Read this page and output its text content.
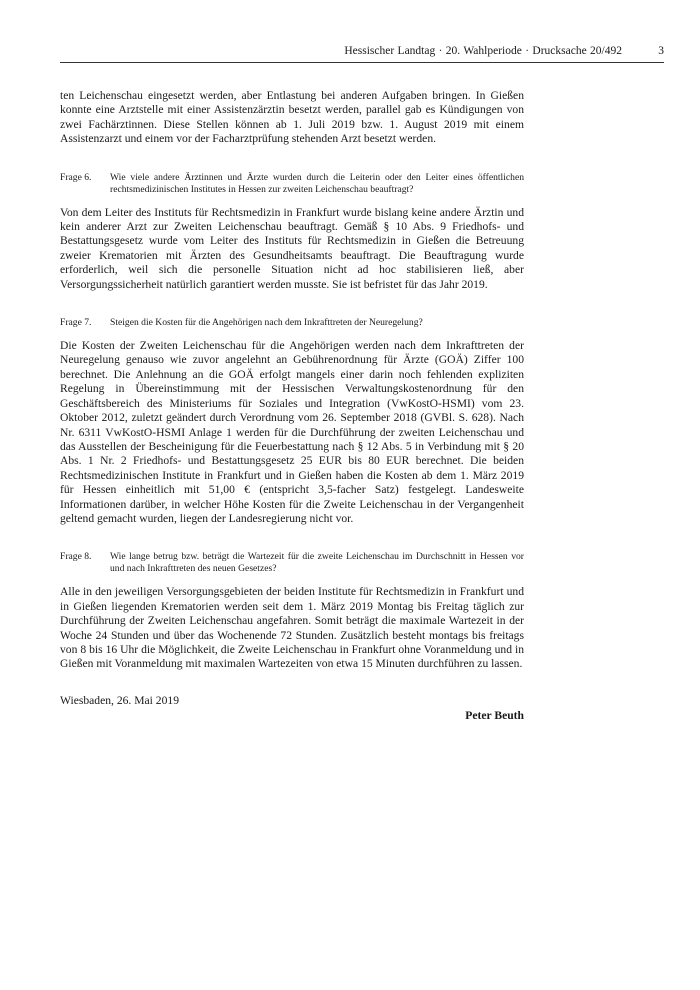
Hessischer Landtag · 20. Wahlperiode · Drucksache 20/492	3

ten Leichenschau eingesetzt werden, aber Entlastung bei anderen Aufgaben bringen. In Gießen konnte eine Arztstelle mit einer Assistenzärztin besetzt werden, parallel gab es Kündigungen von zwei Fachärztinnen. Diese Stellen können ab 1. Juli 2019 bzw. 1. August 2019 mit einem Assistenzarzt und einem vor der Facharztprüfung stehenden Arzt besetzt werden.

Frage 6.	Wie viele andere Ärztinnen und Ärzte wurden durch die Leiterin oder den Leiter eines öffentlichen rechtsmedizinischen Institutes in Hessen zur zweiten Leichenschau beauftragt?

Von dem Leiter des Instituts für Rechtsmedizin in Frankfurt wurde bislang keine andere Ärztin und kein anderer Arzt zur Zweiten Leichenschau beauftragt. Gemäß § 10 Abs. 9 Friedhofs- und Bestattungsgesetz wurde vom Leiter des Instituts für Rechtsmedizin in Gießen die Betreuung zweier Krematorien mit Ärzten des Gesundheitsamts beauftragt. Die Beauftragung wurde erforderlich, weil sich die personelle Situation nicht ad hoc stabilisieren ließ, aber Versorgungssicherheit natürlich garantiert werden musste. Sie ist befristet für das Jahr 2019.

Frage 7.	Steigen die Kosten für die Angehörigen nach dem Inkrafttreten der Neuregelung?

Die Kosten der Zweiten Leichenschau für die Angehörigen werden nach dem Inkrafttreten der Neuregelung genauso wie zuvor angelehnt an Gebührenordnung für Ärzte (GOÄ) Ziffer 100 berechnet. Die Anlehnung an die GOÄ erfolgt mangels einer darin noch fehlenden expliziten Regelung in Übereinstimmung mit der Hessischen Verwaltungskostenordnung für den Geschäftsbereich des Ministeriums für Soziales und Integration (VwKostO-HSMI) vom 23. Oktober 2012, zuletzt geändert durch Verordnung vom 26. September 2018 (GVBl. S. 628). Nach Nr. 6311 VwKostO-HSMI Anlage 1 werden für die Durchführung der zweiten Leichenschau und das Ausstellen der Bescheinigung für die Feuerbestattung nach § 12 Abs. 5 in Verbindung mit § 20 Abs. 1 Nr. 2 Friedhofs- und Bestattungsgesetz 25 EUR bis 80 EUR berechnet. Die beiden Rechtsmedizinischen Institute in Frankfurt und in Gießen haben die Kosten ab dem 1. März 2019 für Hessen einheitlich mit 51,00 € (entspricht 3,5-facher Satz) festgelegt. Landesweite Informationen darüber, in welcher Höhe Kosten für die Zweite Leichenschau in der Vergangenheit geltend gemacht wurden, liegen der Landesregierung nicht vor.

Frage 8.	Wie lange betrug bzw. beträgt die Wartezeit für die zweite Leichenschau im Durchschnitt in Hessen vor und nach Inkrafttreten des neuen Gesetzes?

Alle in den jeweiligen Versorgungsgebieten der beiden Institute für Rechtsmedizin in Frankfurt und in Gießen liegenden Krematorien werden seit dem 1. März 2019 Montag bis Freitag täglich zur Durchführung der Zweiten Leichenschau angefahren. Somit beträgt die maximale Wartezeit in der Woche 24 Stunden und über das Wochenende 72 Stunden. Zusätzlich besteht montags bis freitags von 8 bis 16 Uhr die Möglichkeit, die Zweite Leichenschau in Frankfurt ohne Voranmeldung und in Gießen mit Voranmeldung mit maximalen Wartezeiten von etwa 15 Minuten durchführen zu lassen.

Wiesbaden, 26. Mai 2019
Peter Beuth
